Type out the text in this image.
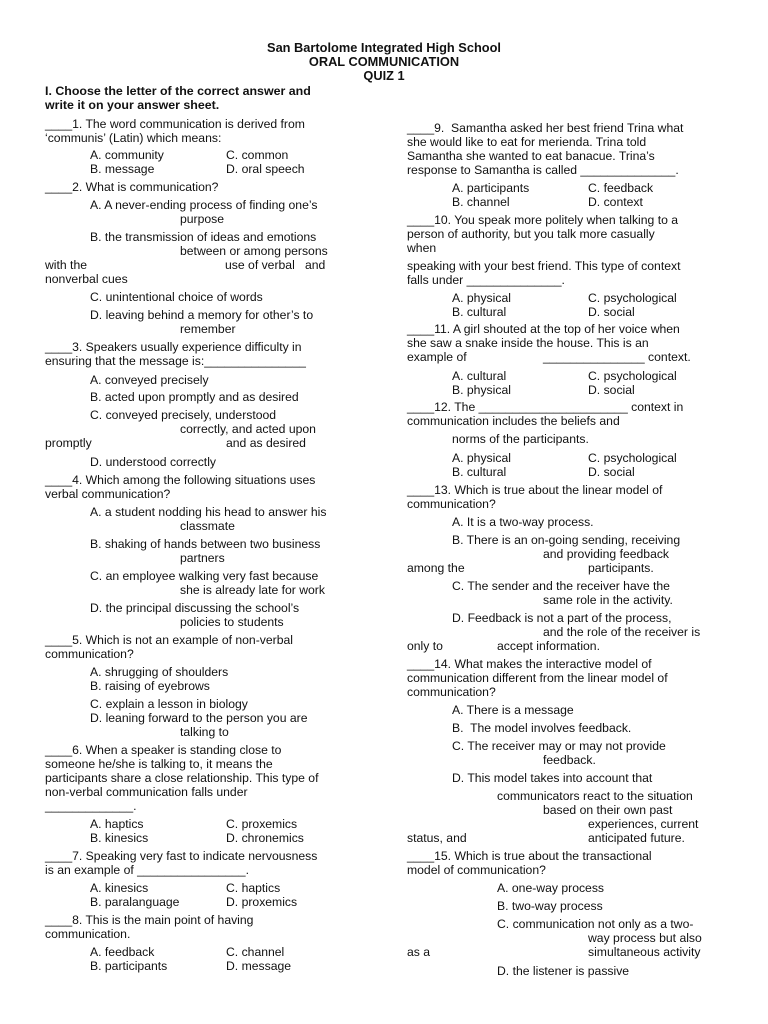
San Bartolome Integrated High School
ORAL COMMUNICATION
QUIZ 1
I. Choose the letter of the correct answer and
write it on your answer sheet.
____1. The word communication is derived from
‘communis’ (Latin) which means:
A. community	C. common
B. message	D. oral speech
____2. What is communication?
A. A never-ending process of finding one’s
purpose
B. the transmission of ideas and emotions
between or among persons
with the	use of verbal   and
nonverbal cues
C. unintentional choice of words
D. leaving behind a memory for other’s to
remember
____3. Speakers usually experience difficulty in
ensuring that the message is:_______________
A. conveyed precisely
B. acted upon promptly and as desired
C. conveyed precisely, understood
correctly, and acted upon
promptly	and as desired
D. understood correctly
____4. Which among the following situations uses
verbal communication?
A. a student nodding his head to answer his
classmate
B. shaking of hands between two business
partners
C. an employee walking very fast because
she is already late for work
D. the principal discussing the school’s
policies to students
____5. Which is not an example of non-verbal
communication?
A. shrugging of shoulders
B. raising of eyebrows
C. explain a lesson in biology
D. leaning forward to the person you are
talking to
____6. When a speaker is standing close to
someone he/she is talking to, it means the
participants share a close relationship. This type of
non-verbal communication falls under
_____________.
A. haptics	C. proxemics
B. kinesics	D. chronemics
____7. Speaking very fast to indicate nervousness
is an example of ________________.
A. kinesics	C. haptics
B. paralanguage	D. proxemics
____8. This is the main point of having
communication.
A. feedback	C. channel
B. participants	D. message
____9.  Samantha asked her best friend Trina what
she would like to eat for merienda. Trina told
Samantha she wanted to eat banacue. Trina’s
response to Samantha is called ______________.
A. participants	C. feedback
B. channel	D. context
____10. You speak more politely when talking to a
person of authority, but you talk more casually
when
speaking with your best friend. This type of context
falls under ______________.
A. physical	C. psychological
B. cultural	D. social
____11. A girl shouted at the top of her voice when
she saw a snake inside the house. This is an
example of	_______________ context.
A. cultural	C. psychological
B. physical	D. social
____12. The ______________________ context in
communication includes the beliefs and
norms of the participants.
A. physical	C. psychological
B. cultural	D. social
____13. Which is true about the linear model of
communication?
A. It is a two-way process.
B. There is an on-going sending, receiving
and providing feedback
among the	participants.
C. The sender and the receiver have the
same role in the activity.
D. Feedback is not a part of the process,
and the role of the receiver is
only to	accept information.
____14. What makes the interactive model of
communication different from the linear model of
communication?
A. There is a message
B.  The model involves feedback.
C. The receiver may or may not provide
feedback.
D. This model takes into account that
communicators react to the situation
based on their own past
experiences, current
status, and	anticipated future.
____15. Which is true about the transactional
model of communication?
A. one-way process
B. two-way process
C. communication not only as a two-
way process but also
as a	simultaneous activity
D. the listener is passive
